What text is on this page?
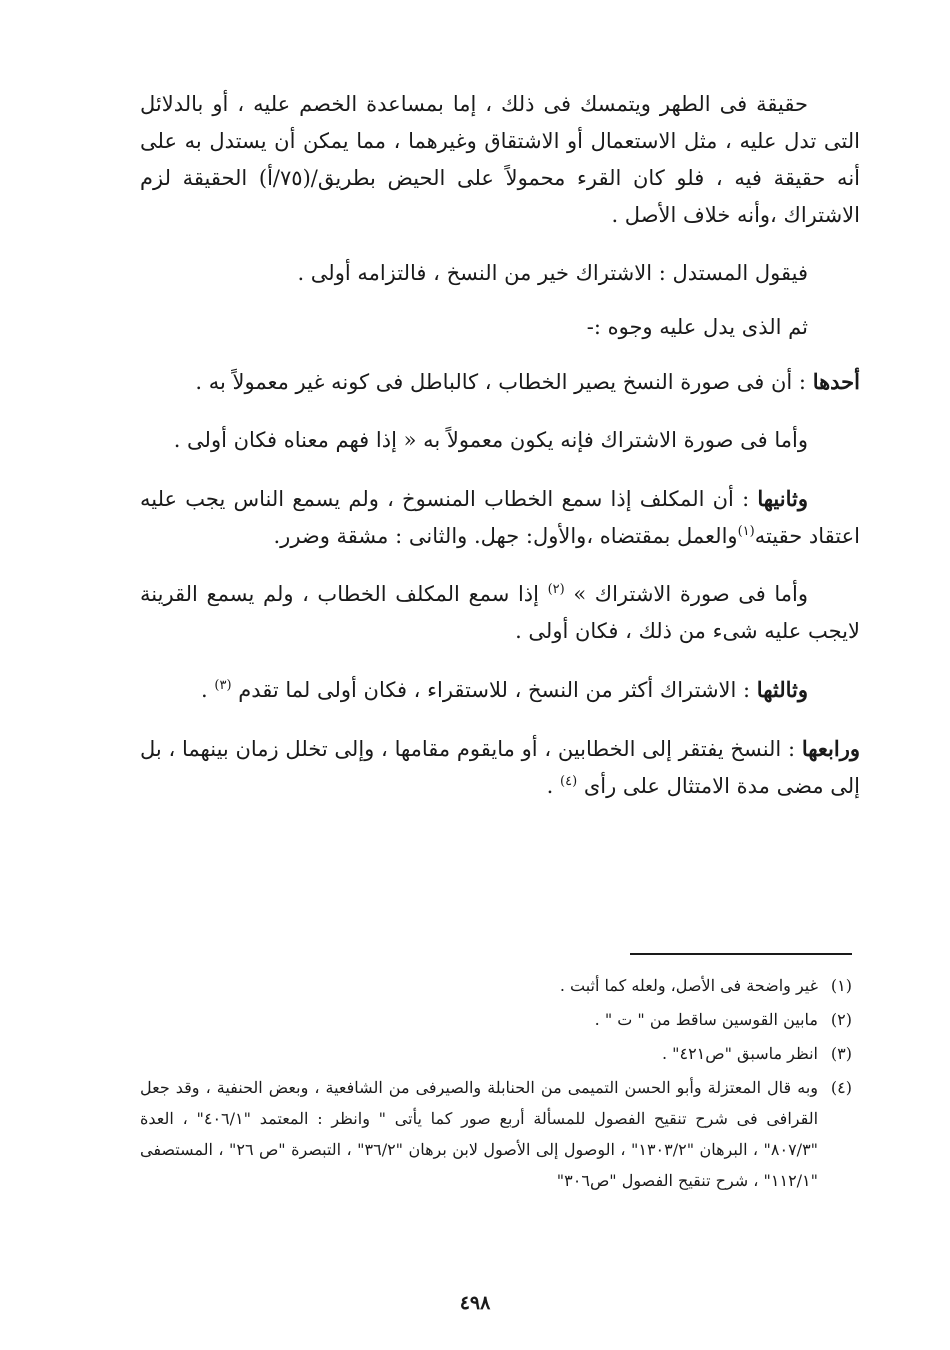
حقيقة فى الطهر ويتمسك فى ذلك ، إما بمساعدة الخصم عليه ، أو بالدلائل التى تدل عليه ، مثل الاستعمال أو الاشتقاق وغيرهما ، مما يمكن أن يستدل به على أنه حقيقة فيه ، فلو كان القرء محمولاً على الحيض بطريق/(٧٥/أ) الحقيقة لزم الاشتراك ،وأنه خلاف الأصل .

فيقول المستدل : الاشتراك خير من النسخ ، فالتزامه أولى .

ثم الذى يدل عليه وجوه :-

أحدها : أن فى صورة النسخ يصير الخطاب ، كالباطل فى كونه غير معمولاً به .

وأما فى صورة الاشتراك فإنه يكون معمولاً به « إذا فهم معناه فكان أولى .

وثانيها : أن المكلف إذا سمع الخطاب المنسوخ ، ولم يسمع الناس يجب عليه اعتقاد حقيته$^{(١)}$والعمل بمقتضاه ،والأول: جهل. والثانى : مشقة وضرر.

وأما فى صورة الاشتراك » $^{(٢)}$ إذا سمع المكلف الخطاب ، ولم يسمع القرينة لايجب عليه شىء من ذلك ، فكان أولى .

وثالثها : الاشتراك أكثر من النسخ ، للاستقراء ، فكان أولى لما تقدم $^{(٣)}$ .

ورابعها : النسخ يفتقر إلى الخطابين ، أو مايقوم مقامها ، وإلى تخلل زمان بينهما ، بل إلى مضى مدة الامتثال على رأى $^{(٤)}$ .

(١)
غير واضحة فى الأصل، ولعله كما أثبت .
(٢)
مابين القوسين ساقط من " ت " .
(٣)
انظر ماسبق "ص٤٢١" .
(٤)
وبه قال المعتزلة وأبو الحسن التميمى من الحنابلة والصيرفى من الشافعية ، وبعض الحنفية ، وقد جعل القرافى فى شرح تنقيح الفصول للمسألة أربع صور كما يأتى " وانظر : المعتمد "٤٠٦/١" ، العدة "٨٠٧/٣" ، البرهان "١٣٠٣/٢" ، الوصول إلى الأصول لابن برهان "٣٦/٢" ، التبصرة "ص ٢٦" ، المستصفى "١١٢/١" ، شرح تنقيح الفصول "ص٣٠٦"
٤٩٨
